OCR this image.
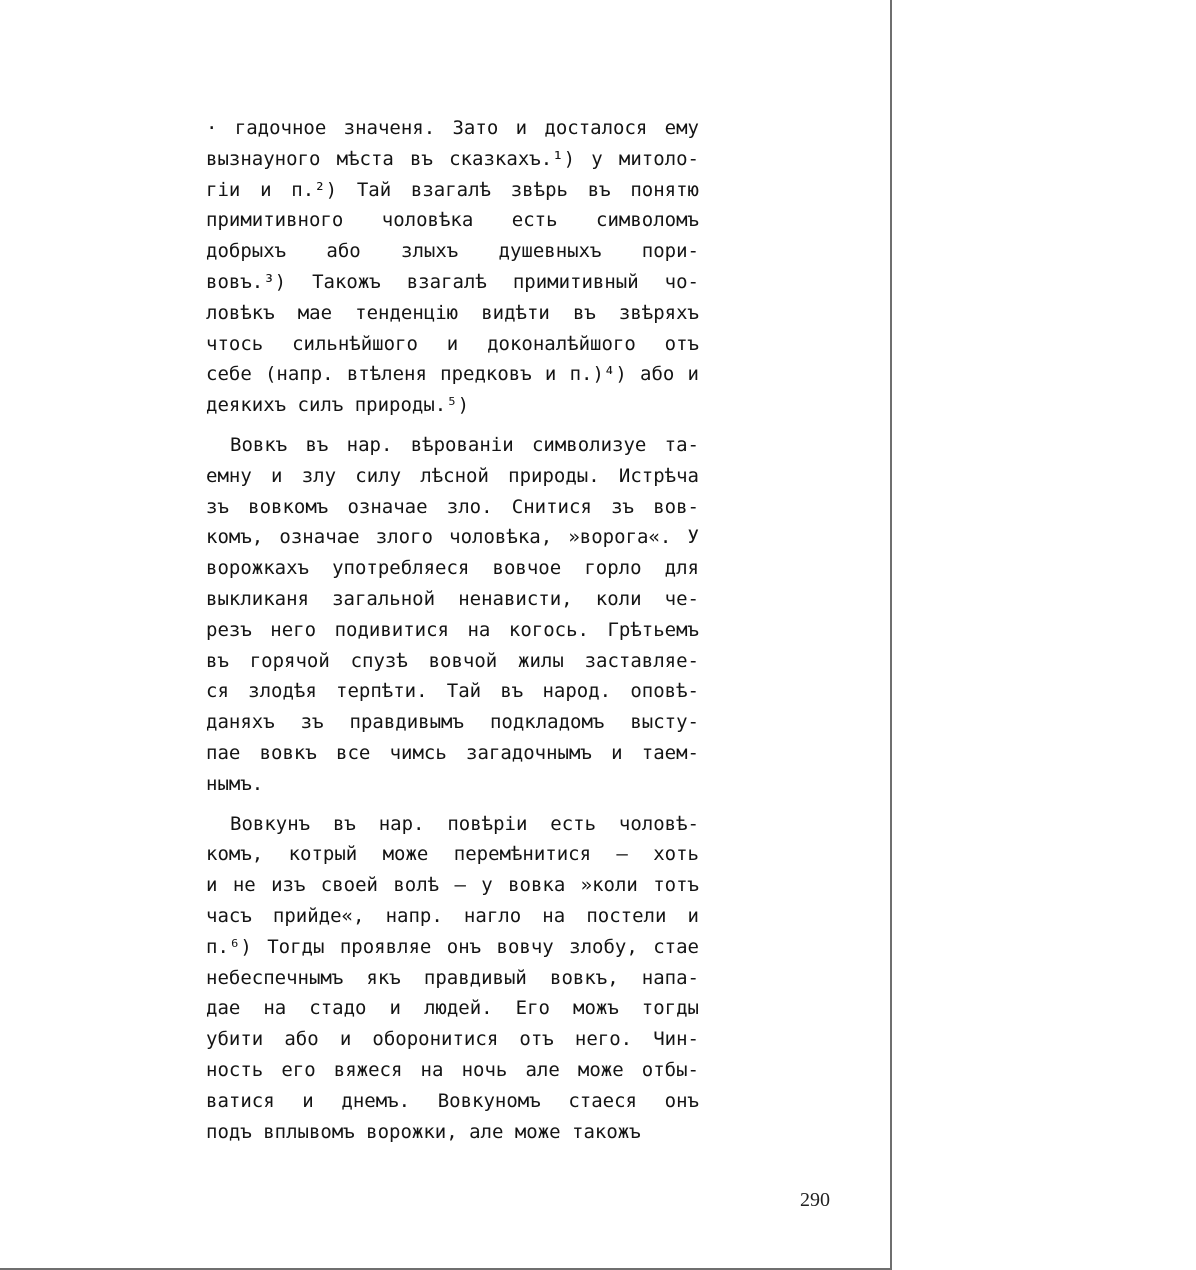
· гадочное значеня. Зато и досталося ему
вызнауного мѣста въ сказкахъ.¹) у митоло-
гіи и п.²) Тай взагалѣ звѣрь въ понятю
примитивного чоловѣка есть символомъ
добрыхъ або злыхъ душевныхъ пори-
вовъ.³) Такожъ взагалѣ примитивный чо-
ловѣкъ мае тенденцію видѣти въ звѣряхъ
чтось сильнѣйшого и доконалѣйшого отъ
себе (напр. втѣленя предковъ и п.)⁴) або и
деякихъ силъ природы.⁵)
Вовкъ въ нар. вѣрованіи символизуе та-
емну и злу силу лѣсной природы. Истрѣча
зъ вовкомъ означае зло. Снитися зъ вов-
комъ, означае злого чоловѣка, »ворога«. У
ворожкахъ употребляеся вовчое горло для
выкликаня загальной ненависти, коли че-
резъ него подивитися на когось. Грѣтьемъ
въ горячой спузѣ вовчой жилы заставляе-
ся злодѣя терпѣти. Тай въ народ. оповѣ-
даняхъ зъ правдивымъ подкладомъ высту-
пае вовкъ все чимсь загадочнымъ и таем-
нымъ.
Вовкунъ въ нар. повѣріи есть чоловѣ-
комъ, котрый може перемѣнитися — хоть
и не изъ своей волѣ — у вовка »коли тотъ
часъ прийде«, напр. нагло на постели и
п.⁶) Тогды проявляе онъ вовчу злобу, стае
небеспечнымъ якъ правдивый вовкъ, напа-
дае на стадо и людей. Его можъ тогды
убити або и оборонитися отъ него. Чин-
ность его вяжеся на ночь але може отбы-
ватися и днемъ. Вовкуномъ стаеся онъ
подъ вплывомъ ворожки, але може такожъ
290
